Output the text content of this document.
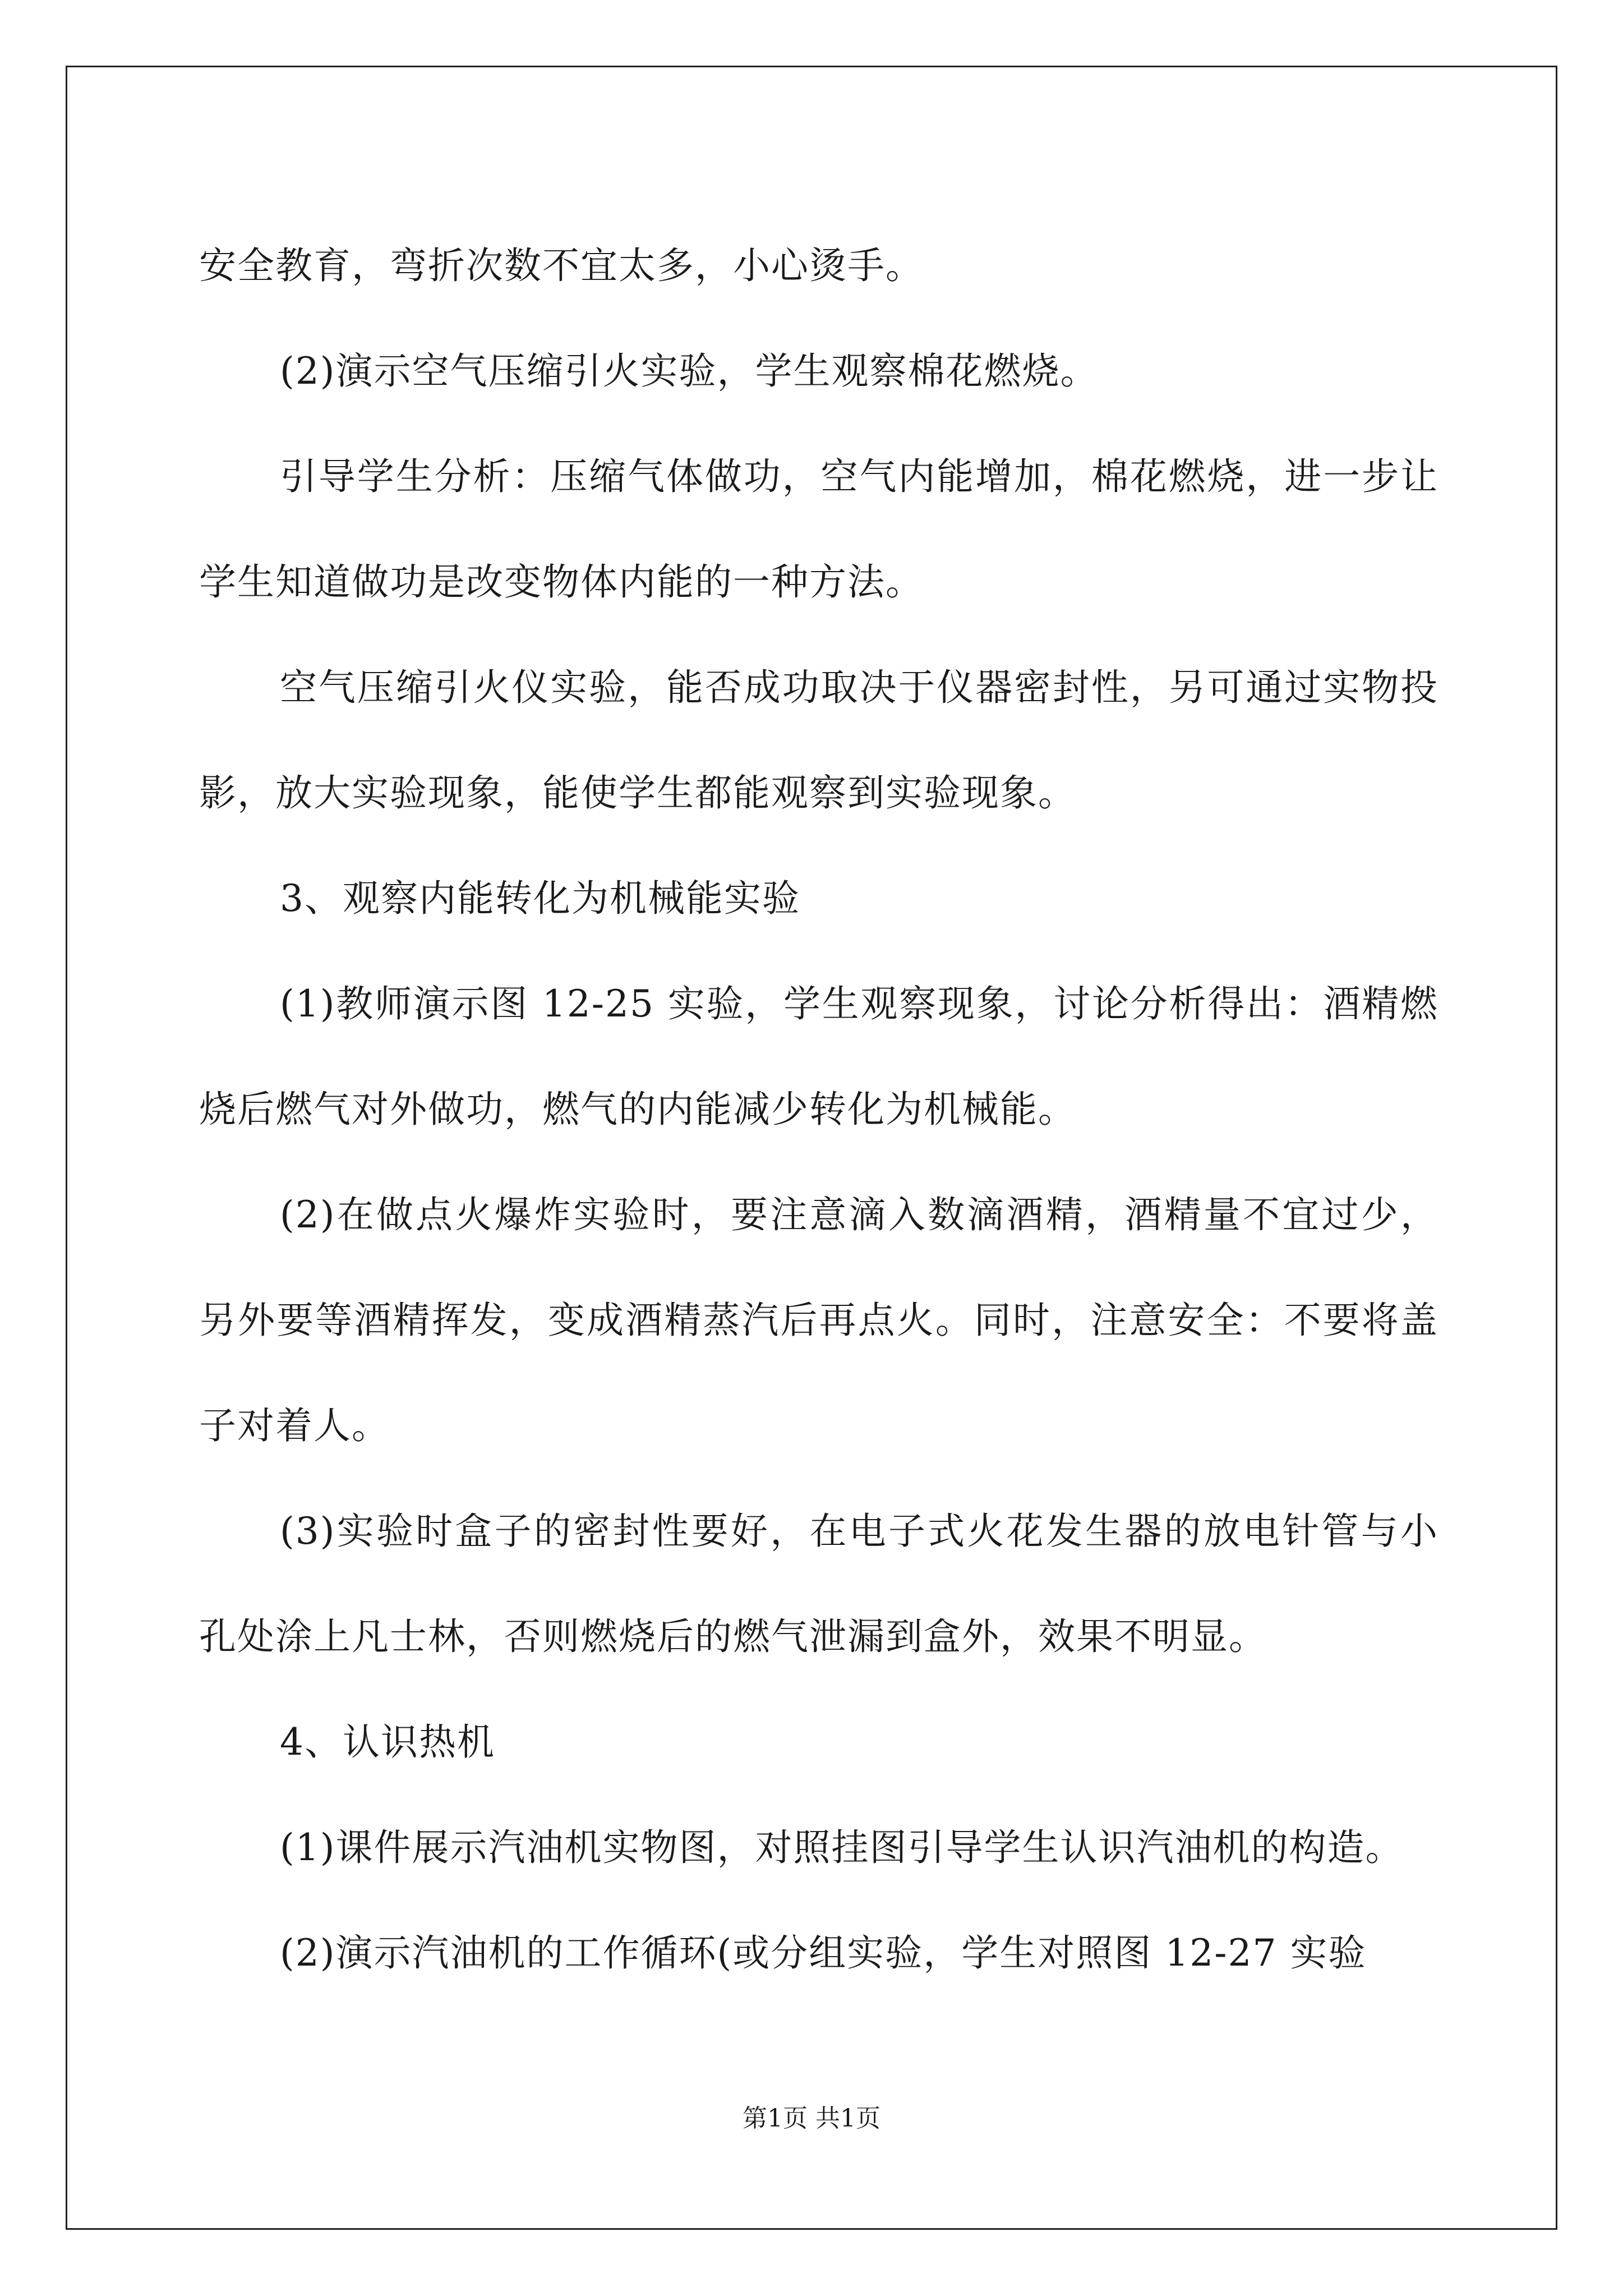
安全教育，弯折次数不宜太多，小心烫手。

(2)演示空气压缩引火实验，学生观察棉花燃烧。

引导学生分析：压缩气体做功，空气内能增加，棉花燃烧，进一步让学生知道做功是改变物体内能的一种方法。

空气压缩引火仪实验，能否成功取决于仪器密封性，另可通过实物投影，放大实验现象，能使学生都能观察到实验现象。

3、观察内能转化为机械能实验

(1)教师演示图 12-25 实验，学生观察现象，讨论分析得出：酒精燃烧后燃气对外做功，燃气的内能减少转化为机械能。

(2)在做点火爆炸实验时，要注意滴入数滴酒精，酒精量不宜过少，另外要等酒精挥发，变成酒精蒸汽后再点火。同时，注意安全：不要将盖子对着人。

(3)实验时盒子的密封性要好，在电子式火花发生器的放电针管与小孔处涂上凡士林，否则燃烧后的燃气泄漏到盒外，效果不明显。

4、认识热机

(1)课件展示汽油机实物图，对照挂图引导学生认识汽油机的构造。

(2)演示汽油机的工作循环(或分组实验，学生对照图 12-27 实验

第1页 共1页
